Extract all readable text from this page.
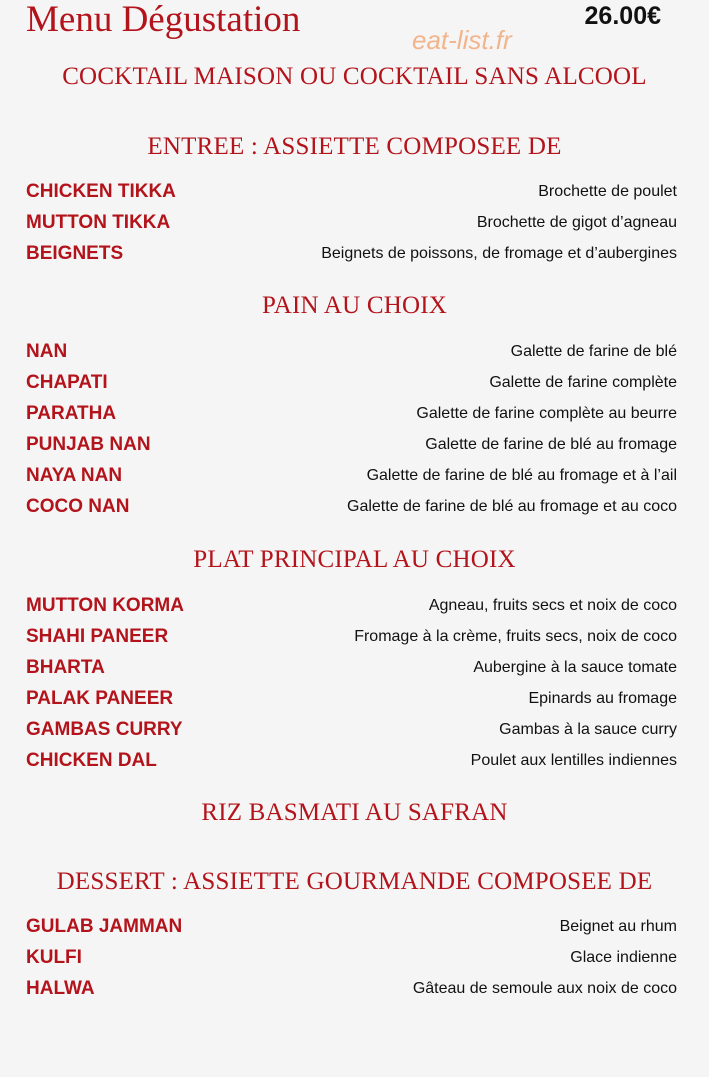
Menu Dégustation	26.00€
eat-list.fr
COCKTAIL MAISON OU COCKTAIL SANS ALCOOL
ENTREE : ASSIETTE COMPOSEE DE
CHICKEN TIKKA	Brochette de poulet
MUTTON TIKKA	Brochette de gigot d’agneau
BEIGNETS	Beignets de poissons, de fromage et d’aubergines
PAIN AU CHOIX
NAN	Galette de farine de blé
CHAPATI	Galette de farine complète
PARATHA	Galette de farine complète au beurre
PUNJAB NAN	Galette de farine de blé au fromage
NAYA NAN	Galette de farine de blé au fromage et à l’ail
COCO NAN	Galette de farine de blé au fromage et au coco
PLAT PRINCIPAL AU CHOIX
MUTTON KORMA	Agneau, fruits secs et noix de coco
SHAHI PANEER	Fromage à la crème, fruits secs, noix de coco
BHARTA	Aubergine à la sauce tomate
PALAK PANEER	Epinards au fromage
GAMBAS CURRY	Gambas à la sauce curry
CHICKEN DAL	Poulet aux lentilles indiennes
RIZ BASMATI AU SAFRAN
DESSERT : ASSIETTE GOURMANDE COMPOSEE DE
GULAB JAMMAN	Beignet au rhum
KULFI	Glace indienne
HALWA	Gâteau de semoule aux noix de coco
